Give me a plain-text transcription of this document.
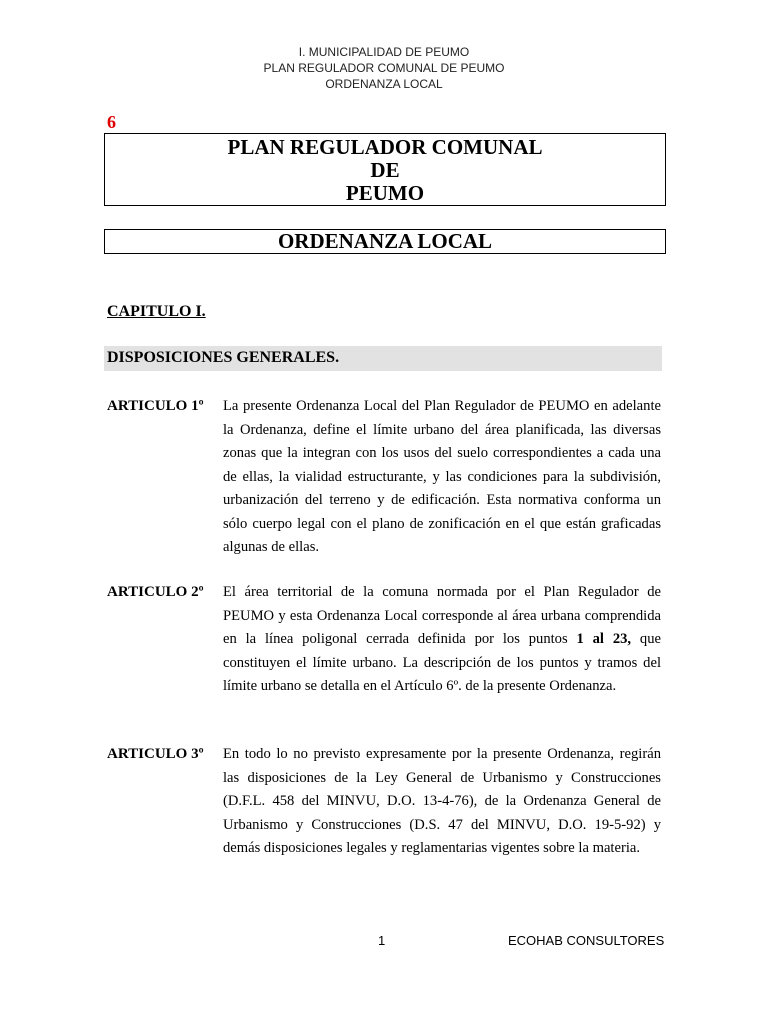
I. MUNICIPALIDAD DE PEUMO
PLAN REGULADOR COMUNAL DE PEUMO
ORDENANZA LOCAL
6
PLAN REGULADOR COMUNAL
DE
PEUMO
ORDENANZA LOCAL
CAPITULO I.
DISPOSICIONES GENERALES.
ARTICULO 1º La presente Ordenanza Local del Plan Regulador de PEUMO en adelante la Ordenanza, define el límite urbano del área planificada, las diversas zonas que la integran con los usos del suelo correspondientes a cada una de ellas, la vialidad estructurante, y las condiciones para la subdivisión, urbanización del terreno y de edificación. Esta normativa conforma un sólo cuerpo legal con el plano de zonificación en el que están graficadas algunas de ellas.
ARTICULO 2º El área territorial de la comuna normada por el Plan Regulador de PEUMO y esta Ordenanza Local corresponde al área urbana comprendida en la línea poligonal cerrada definida por los puntos 1 al 23, que constituyen el límite urbano. La descripción de los puntos y tramos del límite urbano se detalla en el Artículo 6º. de la presente Ordenanza.
ARTICULO 3º En todo lo no previsto expresamente por la presente Ordenanza, regirán las disposiciones de la Ley General de Urbanismo y Construcciones (D.F.L. 458 del MINVU, D.O. 13-4-76), de la Ordenanza General de Urbanismo y Construcciones (D.S. 47 del MINVU, D.O. 19-5-92) y demás disposiciones legales y reglamentarias vigentes sobre la materia.
1	ECOHAB CONSULTORES
